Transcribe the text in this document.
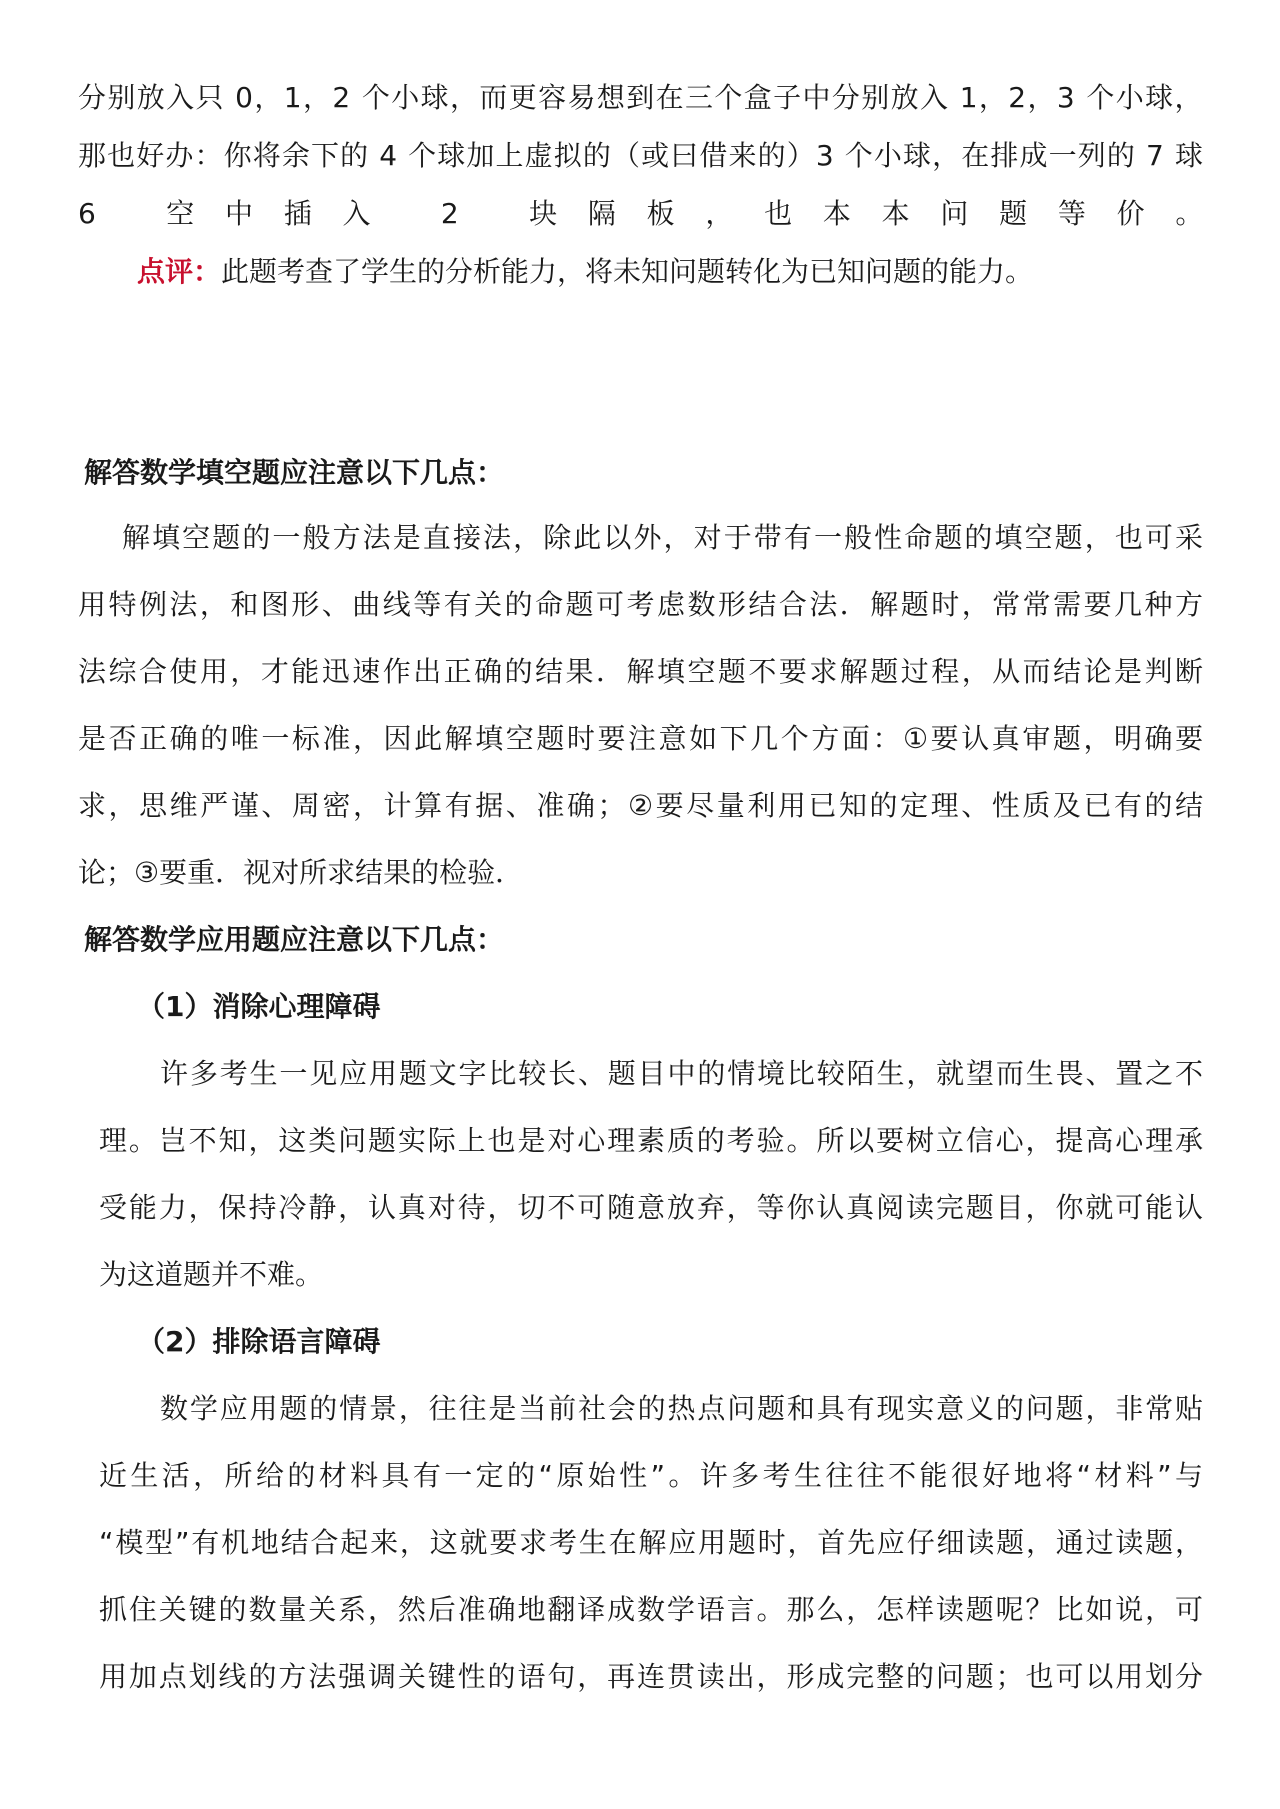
分别放入只 0，1，2 个小球，而更容易想到在三个盒子中分别放入 1，2，3 个小球，
那也好办：你将余下的 4 个球加上虚拟的（或曰借来的）3 个小球，在排成一列的 7 球
6 空中插入 2 块隔板，也本本问题等价。
点评：此题考查了学生的分析能力，将未知问题转化为已知问题的能力。
解答数学填空题应注意以下几点：
解填空题的一般方法是直接法，除此以外，对于带有一般性命题的填空题，也可采
用特例法，和图形、曲线等有关的命题可考虑数形结合法．解题时，常常需要几种方
法综合使用，才能迅速作出正确的结果．解填空题不要求解题过程，从而结论是判断
是否正确的唯一标准，因此解填空题时要注意如下几个方面：①要认真审题，明确要
求，思维严谨、周密，计算有据、准确；②要尽量利用已知的定理、性质及已有的结
论；③要重．视对所求结果的检验．
解答数学应用题应注意以下几点：
（1）消除心理障碍
许多考生一见应用题文字比较长、题目中的情境比较陌生，就望而生畏、置之不
理。岂不知，这类问题实际上也是对心理素质的考验。所以要树立信心，提高心理承
受能力，保持冷静，认真对待，切不可随意放弃，等你认真阅读完题目，你就可能认
为这道题并不难。
（2）排除语言障碍
数学应用题的情景，往往是当前社会的热点问题和具有现实意义的问题，非常贴
近生活，所给的材料具有一定的“原始性”。许多考生往往不能很好地将“材料”与
“模型”有机地结合起来，这就要求考生在解应用题时，首先应仔细读题，通过读题，
抓住关键的数量关系，然后准确地翻译成数学语言。那么，怎样读题呢？比如说，可
用加点划线的方法强调关键性的语句，再连贯读出，形成完整的问题；也可以用划分
